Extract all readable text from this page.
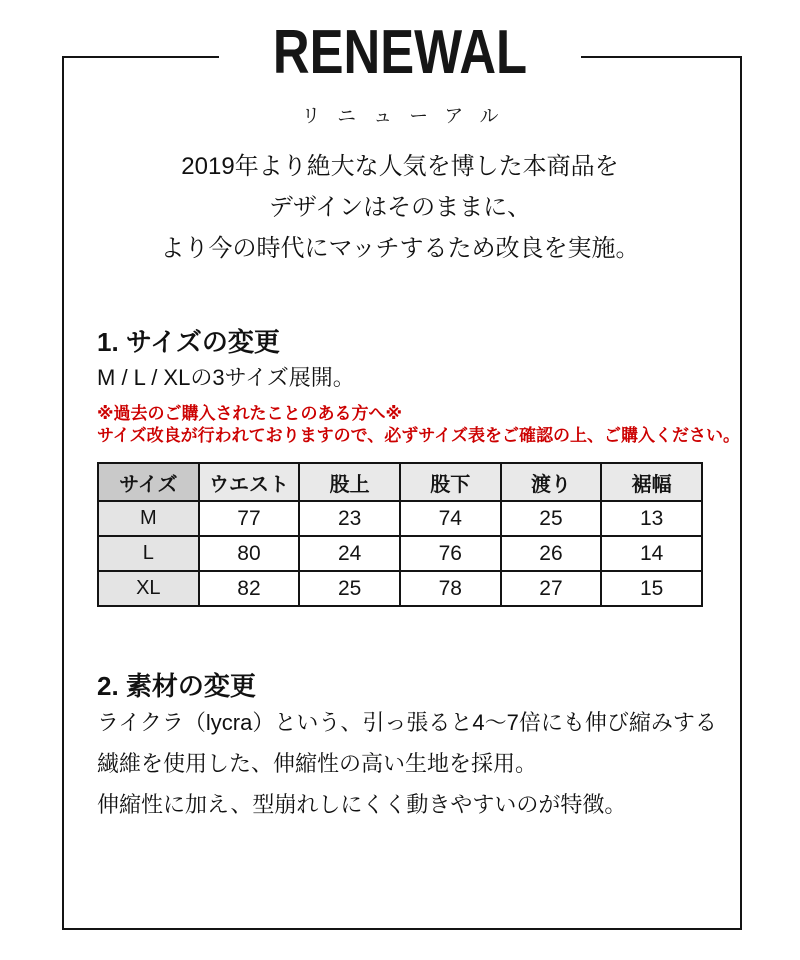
RENEWAL
リニューアル
2019年より絶大な人気を博した本商品を
デザインはそのままに、
より今の時代にマッチするため改良を実施。
1. サイズの変更
M / L / XLの3サイズ展開。
※過去のご購入されたことのある方へ※
サイズ改良が行われておりますので、必ずサイズ表をご確認の上、ご購入ください。
サイズ	ウエスト	股上	股下	渡り	裾幅
M	77	23	74	25	13
L	80	24	76	26	14
XL	82	25	78	27	15
2. 素材の変更
ライクラ（lycra）という、引っ張ると4～7倍にも伸び縮みする
繊維を使用した、伸縮性の高い生地を採用。
伸縮性に加え、型崩れしにくく動きやすいのが特徴。
